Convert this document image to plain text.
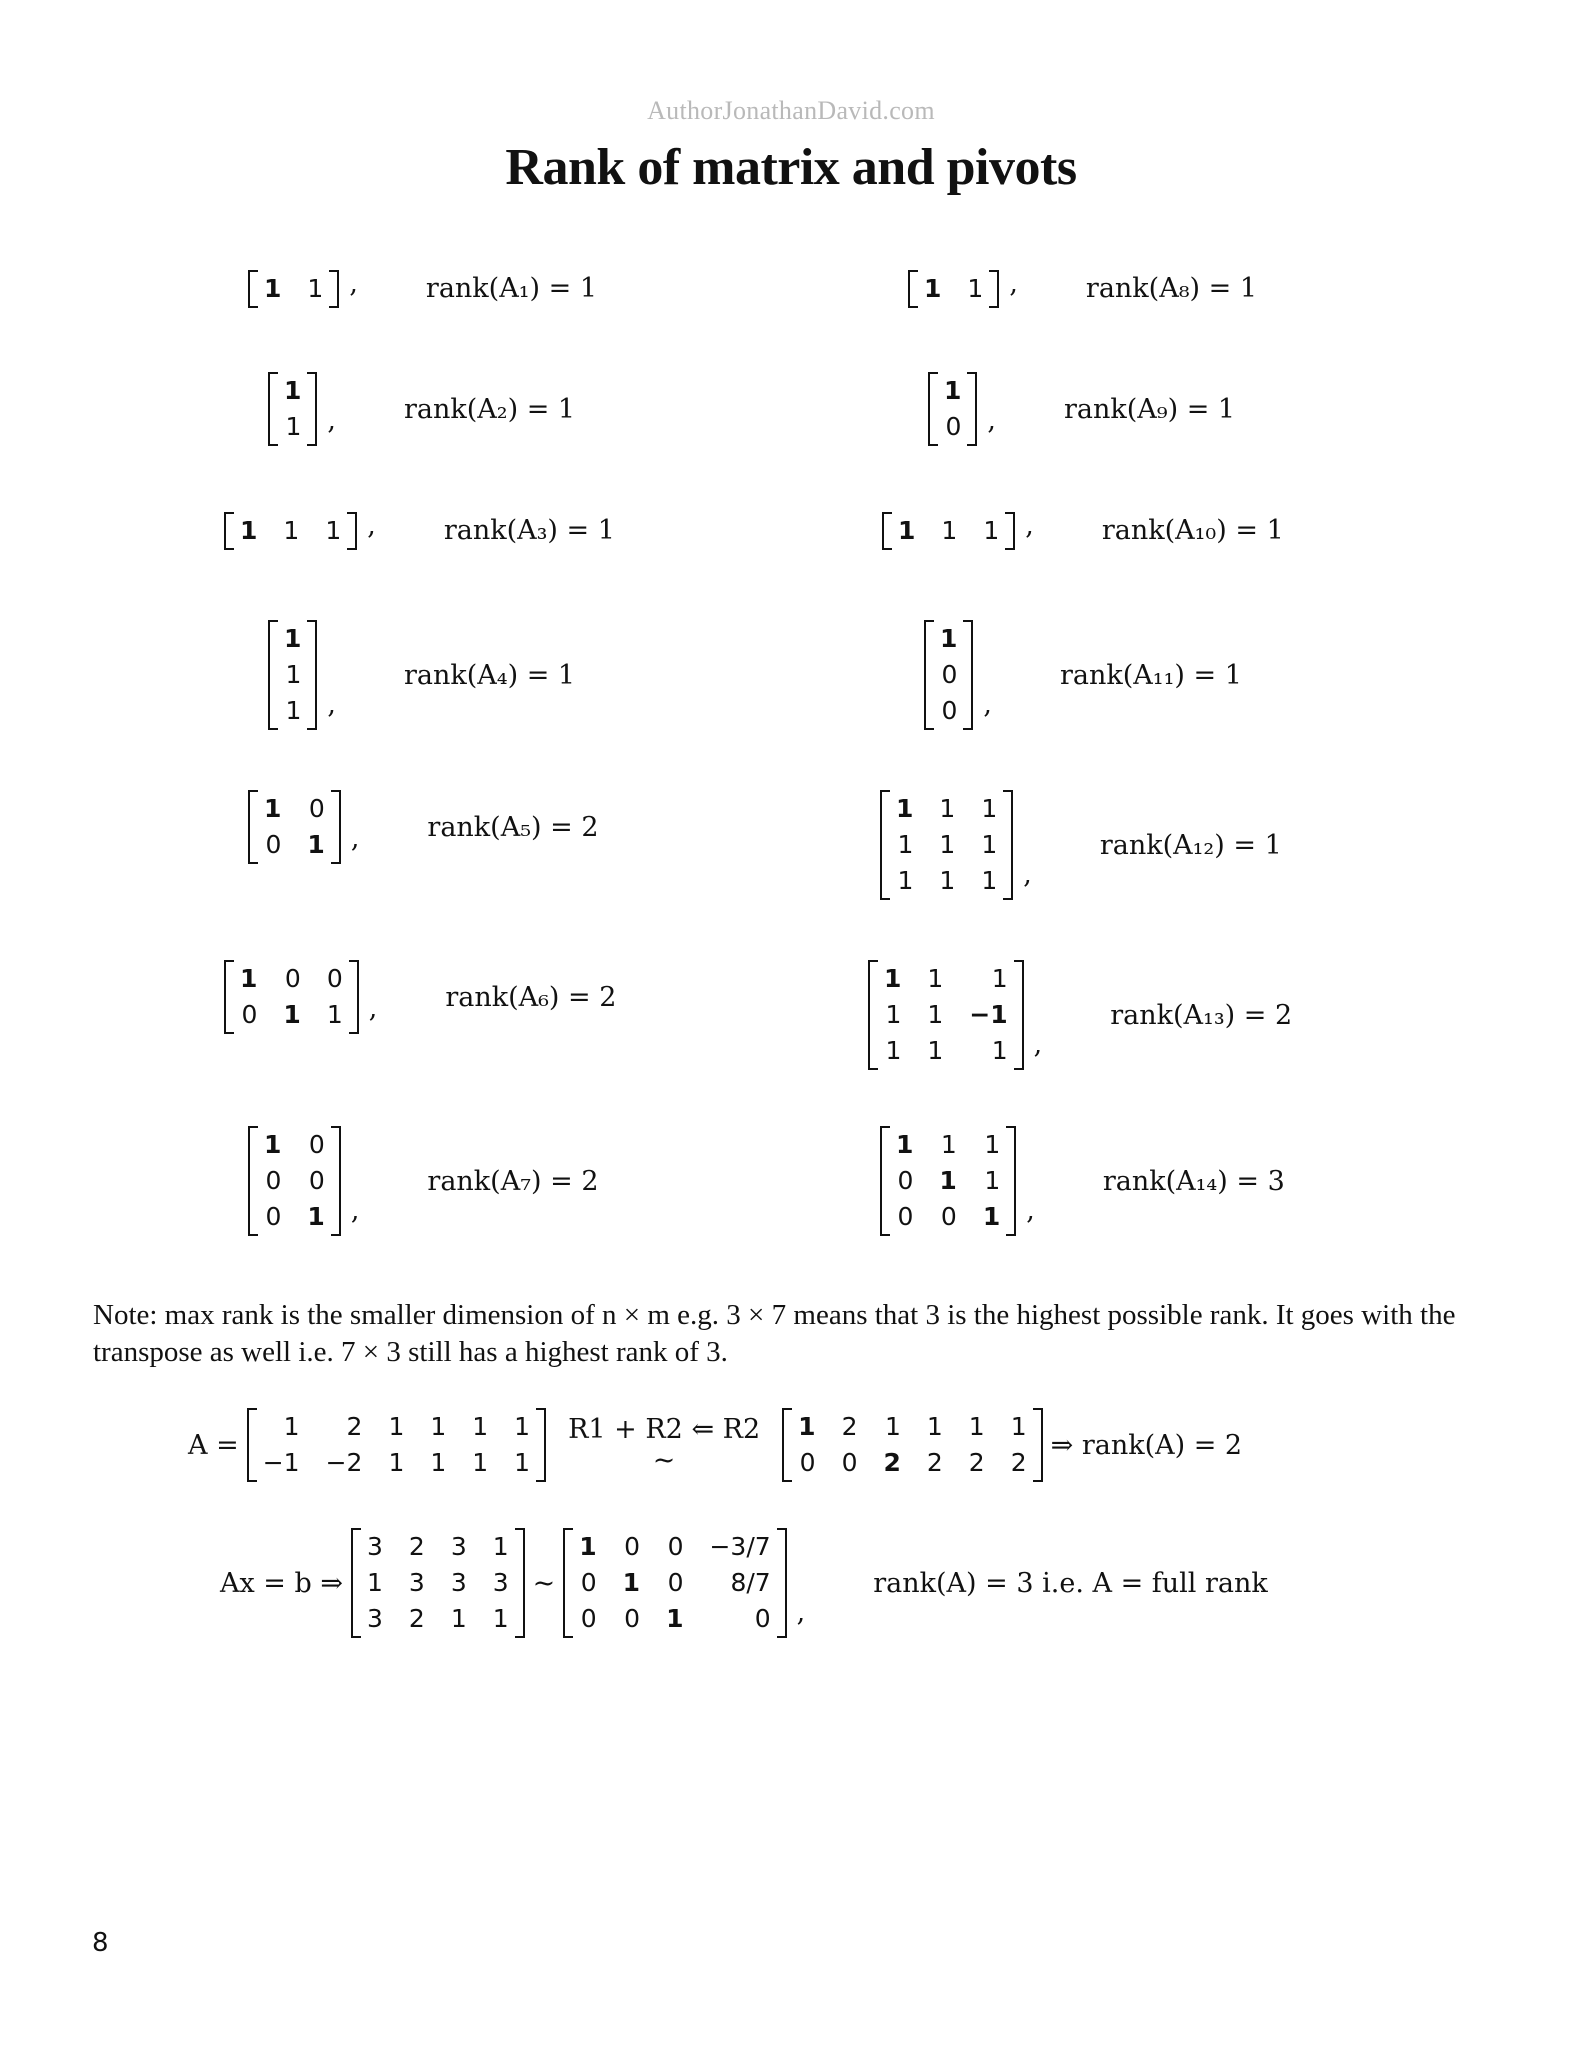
AuthorJonathanDavid.com
Rank of matrix and pivots
1 1 ,	rank(A₁) = 1
1
1 ,	rank(A₂) = 1
1 1 1 ,	rank(A₃) = 1
1
1
1 ,
rank(A₄) = 1
1 0
0 1 ,	rank(A₅) = 2
1 0 0
0 1 1 ,	rank(A₆) = 2
1 0
0 0
0 1 ,
rank(A₇) = 2
1 1 ,	rank(A₈) = 1
1
0 ,	rank(A₉) = 1
1 1 1 ,	rank(A₁₀) = 1
1
0
0 ,
rank(A₁₁) = 1
1 1 1
1 1 1
1 1 1 ,
rank(A₁₂) = 1
1 1	1
1 1 −1
1 1	1 ,
rank(A₁₃) = 2
1 1 1
0 1 1
0 0 1 ,
rank(A₁₄) = 3

Note: max rank is the smaller dimension of n × m e.g. 3 × 7 means that 3 is the highest possible rank. It goes with the transpose as well i.e. 7 × 3 still has a highest rank of 3.

A =
1	2 1 1 1 1
−1 −2 1 1 1 1
R1 + R2 ⇐ R2
~
1 2 1 1 1 1
0 0 2 2 2 2
⇒ rank(A) = 2
Ax = b ⇒
3 2 3 1
1 3 3 3
3 2 1 1
~
1 0 0 −3/7
0 1 0	8/7
0 0 1	0 ,
rank(A) = 3 i.e. A = full rank
8
